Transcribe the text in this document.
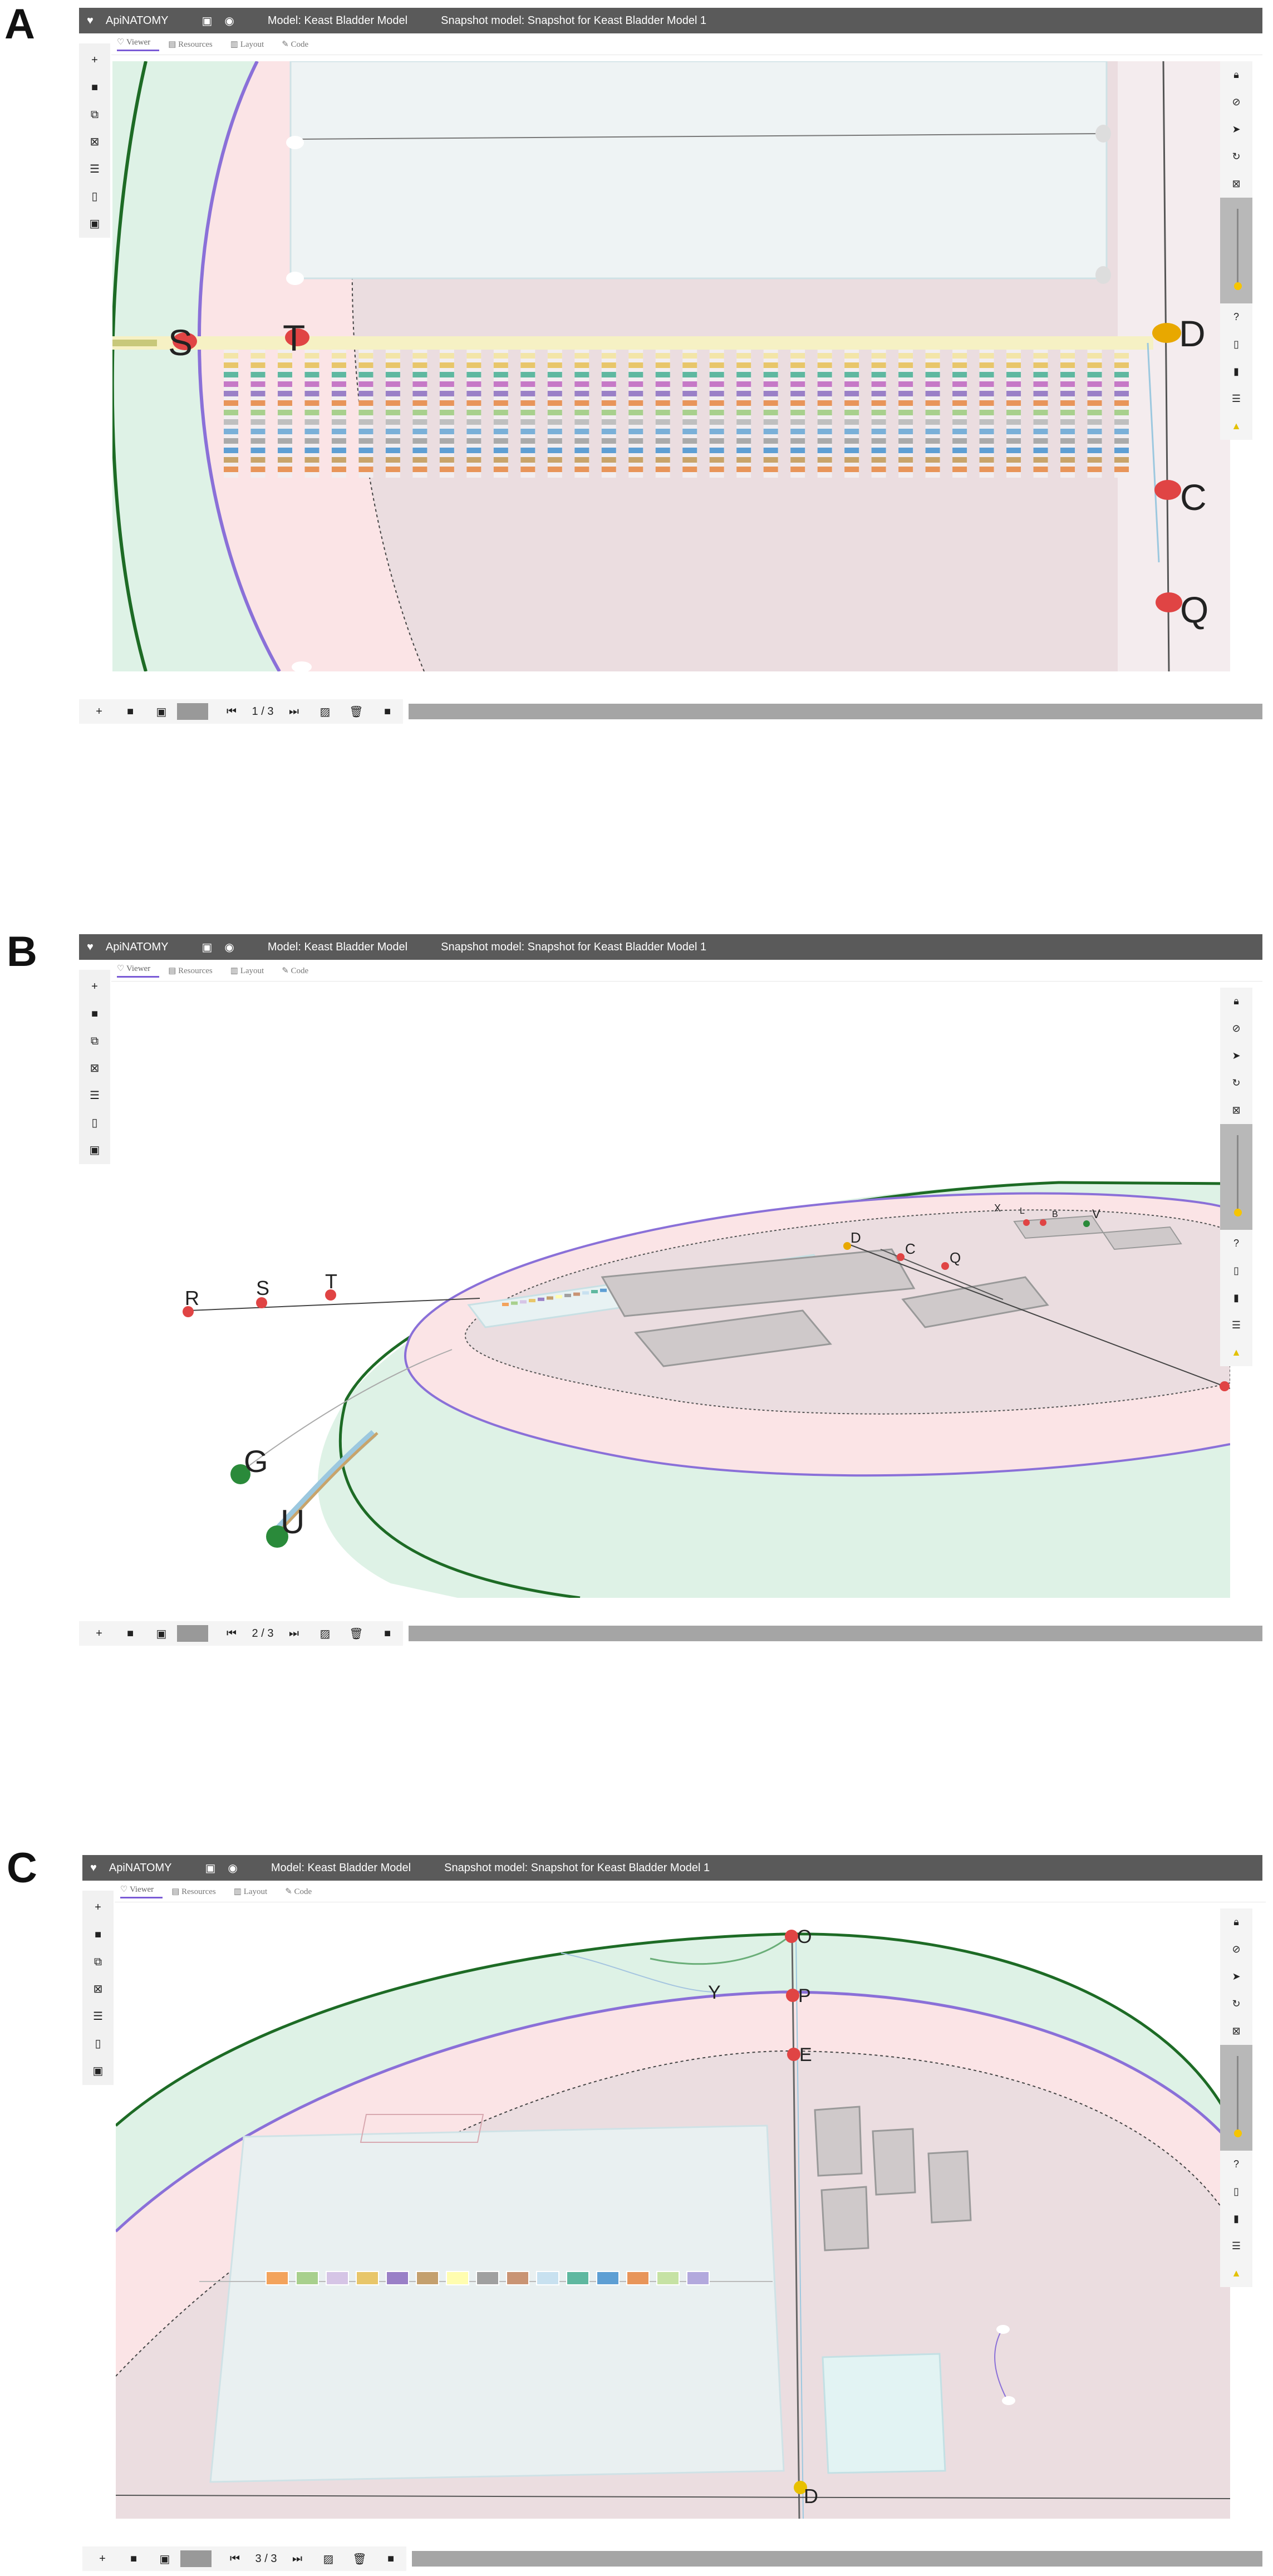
A	♥ ApiNATOMY	▣ ◉	Model: Keast Bladder Model	Snapshot model: Snapshot for Keast Bladder Model 1
♡ Viewer	▤ Resources	▥ Layout	✎ Code
+
■
⧉
⊠
☰
▯
▣
S T	D
C
Q
🔒︎
⊘
➤
↻
⊠
?
▯
▮
☰
▲
+	■	▣	⏮	1 / 3	⏭	▨	🗑︎	■
B	♥ ApiNATOMY	▣ ◉	Model: Keast Bladder Model	Snapshot model: Snapshot for Keast Bladder Model 1
♡ Viewer	▤ Resources	▥ Layout	✎ Code
+
■
⧉
⊠
☰
▯
▣
R	S	T
G
U
D
C
Q
V
X L	B
🔒︎
⊘
➤
↻
⊠
?
▯
▮
☰
▲
+	■	▣	⏮	2 / 3	⏭	▨	🗑︎	■
C	♥ ApiNATOMY	▣ ◉	Model: Keast Bladder Model	Snapshot model: Snapshot for Keast Bladder Model 1
♡ Viewer	▤ Resources	▥ Layout	✎ Code
+
■
⧉
⊠
☰
▯
▣
O
P
E
Y
D
🔒︎
⊘
➤
↻
⊠
?
▯
▮
☰
▲
+	■	▣	⏮	3 / 3	⏭	▨	🗑︎	■
